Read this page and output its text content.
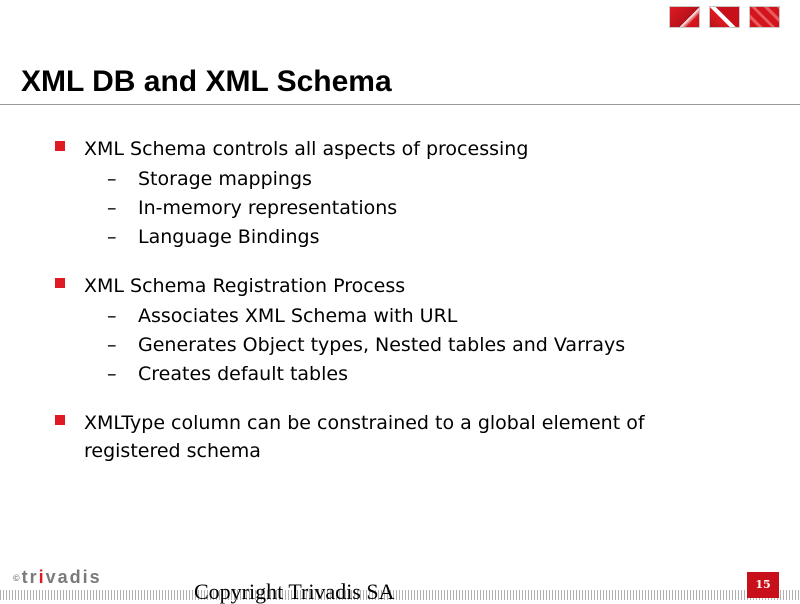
XML DB and XML Schema
XML Schema controls all aspects of processing
– Storage mappings
– In-memory representations
– Language Bindings
XML Schema Registration Process
– Associates XML Schema with URL
– Generates Object types, Nested tables and Varrays
– Creates default tables
XMLType column can be constrained to a global element of registered schema
© trivadis
Copyright Trivadis SA	15
